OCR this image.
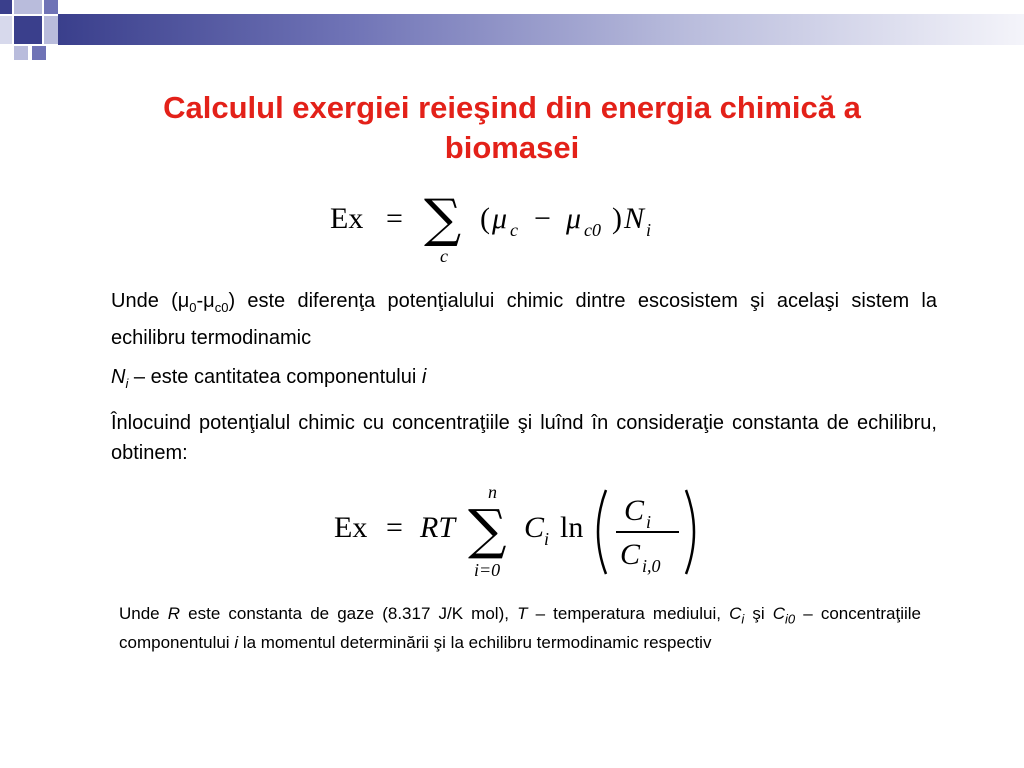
Calculul exergiei reieşind din energia chimică a biomasei
Ex = ∑
c
( μ c − μ c0 ) N i

Unde $(\mu_0-\mu_{c0})$ este diferenţa potenţialului chimic dintre escosistem şi acelaşi sistem la echilibru termodinamic

$N_i$ – este cantitatea componentului i

Înlocuind potenţialul chimic cu concentraţiile şi luînd în consideraţie constanta de echilibru, obtinem:

Ex = RT
n
∑
i=0
C i ln
C i
C i,0

Unde R este constanta de gaze (8.317 J/K mol), T – temperatura mediului, $C_i$ şi $C_{i0}$ – concentraţiile componentului i la momentul determinării şi la echilibru termodinamic respectiv
